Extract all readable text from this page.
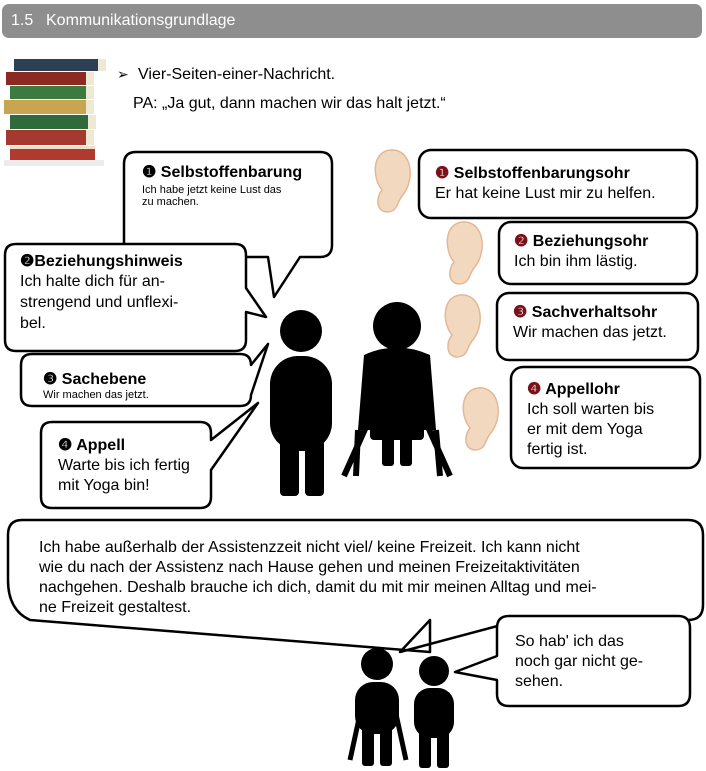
1.5 Kommunikationsgrundlage
➢ Vier-Seiten-einer-Nachricht.
PA: „Ja gut, dann machen wir das halt jetzt.“
❶ Selbstoffenbarung
Ich habe jetzt keine Lust das
zu machen.
❷Beziehungshinweis
Ich halte dich für an-
strengend und unflexi-
bel.
❸ Sachebene
Wir machen das jetzt.
❹ Appell
Warte bis ich fertig
mit Yoga bin!
❶ Selbstoffenbarungsohr
Er hat keine Lust mir zu helfen.
❷ Beziehungsohr
Ich bin ihm lästig.
❸ Sachverhaltsohr
Wir machen das jetzt.
❹ Appellohr
Ich soll warten bis
er mit dem Yoga
fertig ist.
Ich habe außerhalb der Assistenzzeit nicht viel/ keine Freizeit. Ich kann nicht
wie du nach der Assistenz nach Hause gehen und meinen Freizeitaktivitäten
nachgehen. Deshalb brauche ich dich, damit du mit mir meinen Alltag und mei-
ne Freizeit gestaltest.
So hab' ich das
noch gar nicht ge-
sehen.
